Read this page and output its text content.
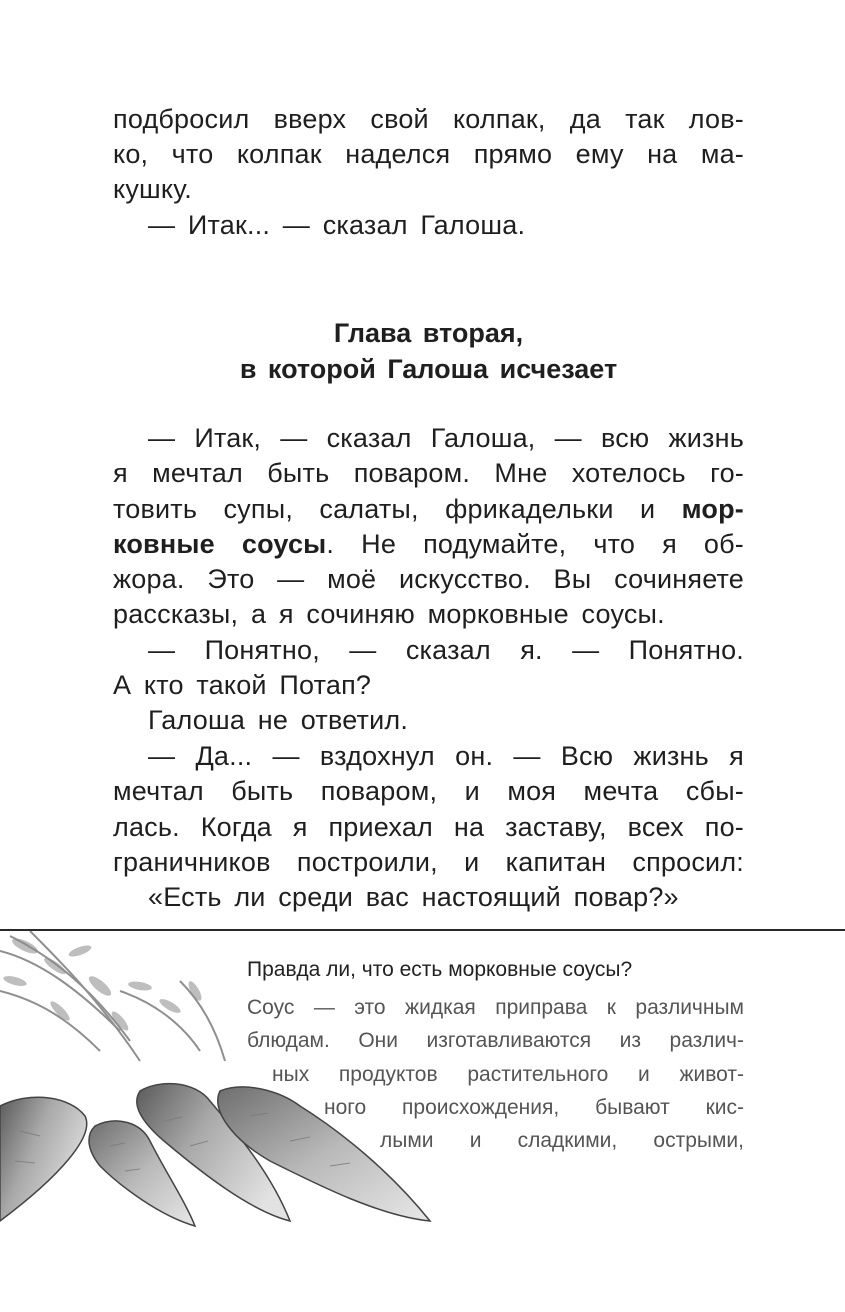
подбросил вверх свой колпак, да так лов-

ко, что колпак наделся прямо ему на ма-

кушку.

— Итак... — сказал Галоша.

Глава вторая,
в которой Галоша исчезает

— Итак, — сказал Галоша, — всю жизнь

я мечтал быть поваром. Мне хотелось го-

товить супы, салаты, фрикадельки и мор-

ковные соусы. Не подумайте, что я об-

жора. Это — моё искусство. Вы сочиняете

рассказы, а я сочиняю морковные соусы.

— Понятно, — сказал я. — Понятно.

А кто такой Потап?

Галоша не ответил.

— Да... — вздохнул он. — Всю жизнь я

мечтал быть поваром, и моя мечта сбы-

лась. Когда я приехал на заставу, всех по-

граничников построили, и капитан спросил:

«Есть ли среди вас настоящий повар?»

Правда ли, что есть морковные соусы?
Соус — это жидкая приправа к различным
блюдам. Они изготавливаются из различ-
ных продуктов растительного и живот-
ного происхождения, бывают кис-
лыми и сладкими, острыми,
